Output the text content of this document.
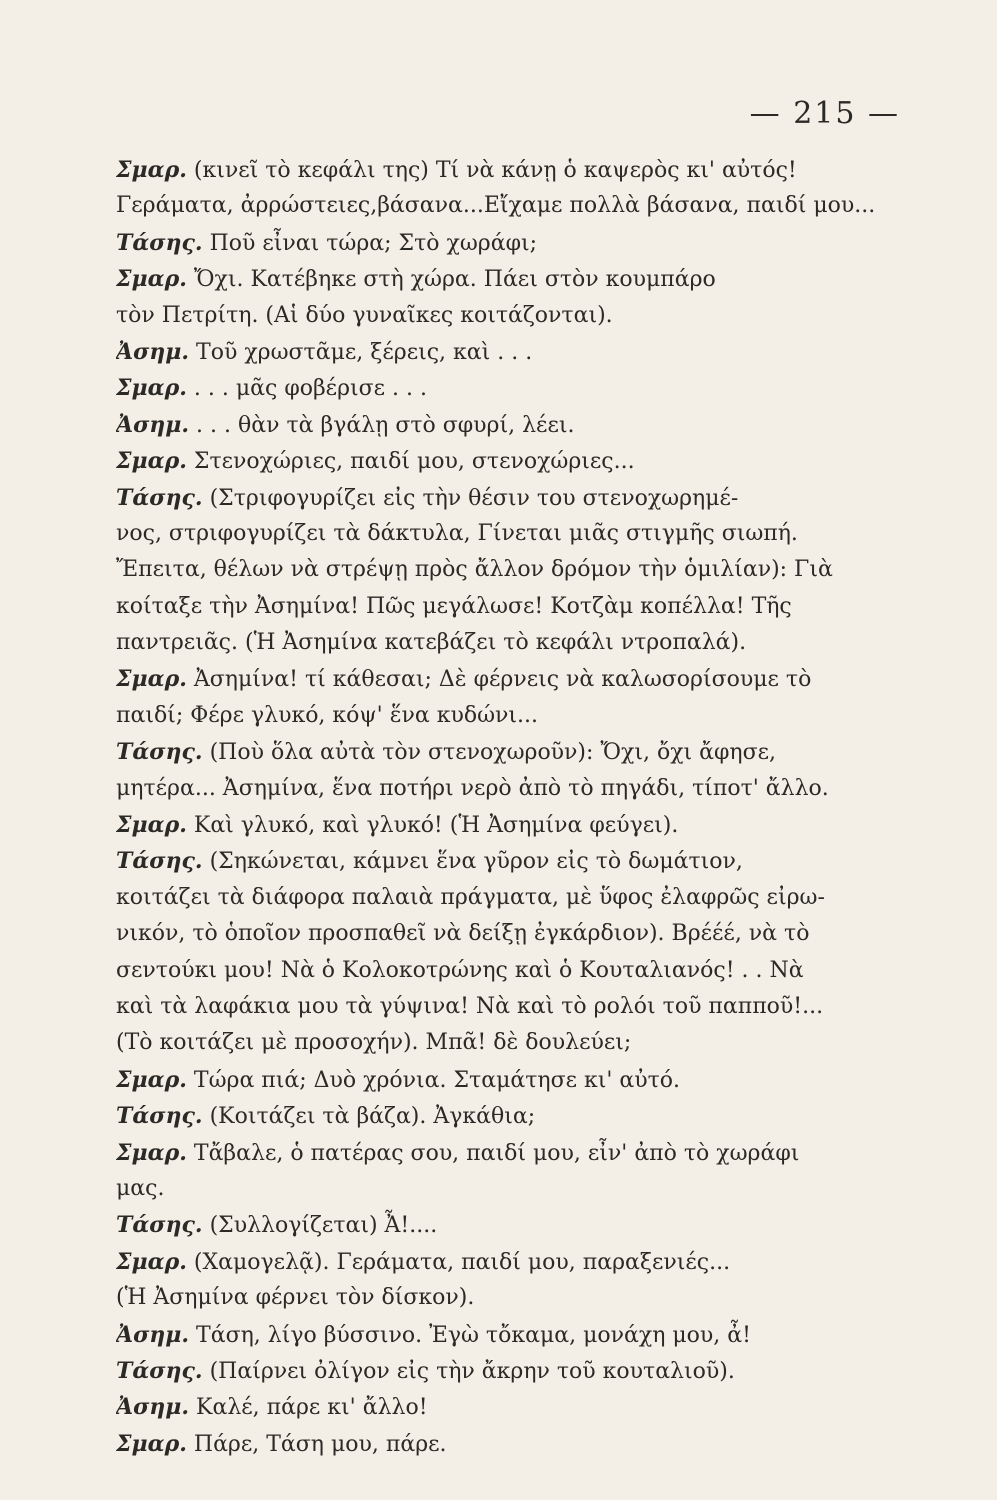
— 215 —
Σμαρ. (κινεῖ τὸ κεφάλι της) Τί νὰ κάνῃ ὁ καψερὸς κι' αὐτός!
Γεράματα, ἀρρώστειες,βάσανα...Εἴχαμε πολλὰ βάσανα, παιδί μου...
Τάσης. Ποῦ εἶναι τώρα; Στὸ χωράφι;
Σμαρ. Ὄχι. Κατέβηκε στὴ χώρα. Πάει στὸν κουμπάρο
τὸν Πετρίτη. (Αἱ δύο γυναῖκες κοιτάζονται).
Ἀσημ. Τοῦ χρωστᾶμε, ξέρεις, καὶ . . .
Σμαρ. . . . μᾶς φοβέρισε . . .
Ἀσημ. . . . θὰν τὰ βγάλῃ στὸ σφυρί, λέει.
Σμαρ. Στενοχώριες, παιδί μου, στενοχώριες...
Τάσης. (Στριφογυρίζει εἰς τὴν θέσιν του στενοχωρημέ-
νος, στριφογυρίζει τὰ δάκτυλα, Γίνεται μιᾶς στιγμῆς σιωπή.
Ἔπειτα, θέλων νὰ στρέψῃ πρὸς ἄλλον δρόμον τὴν ὁμιλίαν): Γιὰ
κοίταξε τὴν Ἀσημίνα! Πῶς μεγάλωσε! Κοτζὰμ κοπέλλα! Τῆς
παντρειᾶς. (Ἡ Ἀσημίνα κατεβάζει τὸ κεφάλι ντροπαλά).
Σμαρ. Ἀσημίνα! τί κάθεσαι; Δὲ φέρνεις νὰ καλωσορίσουμε τὸ
παιδί; Φέρε γλυκό, κόψ' ἕνα κυδώνι...
Τάσης. (Ποὺ ὅλα αὐτὰ τὸν στενοχωροῦν): Ὄχι, ὄχι ἄφησε,
μητέρα... Ἀσημίνα, ἕνα ποτήρι νερὸ ἀπὸ τὸ πηγάδι, τίποτ' ἄλλο.
Σμαρ. Καὶ γλυκό, καὶ γλυκό! (Ἡ Ἀσημίνα φεύγει).
Τάσης. (Σηκώνεται, κάμνει ἕνα γῦρον εἰς τὸ δωμάτιον,
κοιτάζει τὰ διάφορα παλαιὰ πράγματα, μὲ ὕφος ἐλαφρῶς εἰρω-
νικόν, τὸ ὁποῖον προσπαθεῖ νὰ δείξῃ ἐγκάρδιον). Βρέέέ, νὰ τὸ
σεντούκι μου! Νὰ ὁ Κολοκοτρώνης καὶ ὁ Κουταλιανός! . . Νὰ
καὶ τὰ λαφάκια μου τὰ γύψινα! Νὰ καὶ τὸ ρολόι τοῦ παπποῦ!...
(Τὸ κοιτάζει μὲ προσοχήν). Μπᾶ! δὲ δουλεύει;
Σμαρ. Τώρα πιά; Δυὸ χρόνια. Σταμάτησε κι' αὐτό.
Τάσης. (Κοιτάζει τὰ βάζα). Ἀγκάθια;
Σμαρ. Τἄβαλε, ὁ πατέρας σου, παιδί μου, εἶν' ἀπὸ τὸ χωράφι
μας.
Τάσης. (Συλλογίζεται) Ἆ!....
Σμαρ. (Χαμογελᾷ). Γεράματα, παιδί μου, παραξενιές...
(Ἡ Ἀσημίνα φέρνει τὸν δίσκον).
Ἀσημ. Τάση, λίγο βύσσινο. Ἐγὼ τὄκαμα, μονάχη μου, ἆ!
Τάσης. (Παίρνει ὀλίγον εἰς τὴν ἄκρην τοῦ κουταλιοῦ).
Ἀσημ. Καλέ, πάρε κι' ἄλλο!
Σμαρ. Πάρε, Τάση μου, πάρε.
